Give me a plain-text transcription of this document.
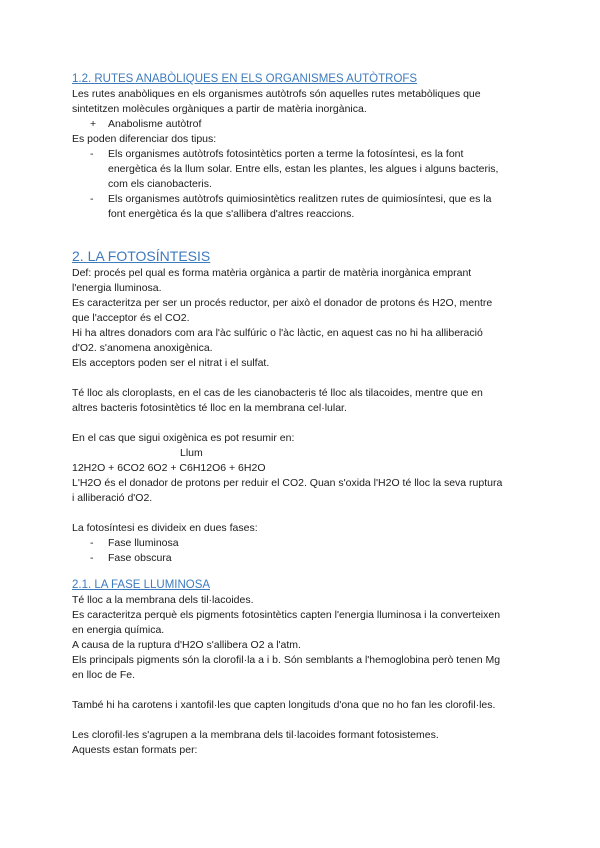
1.2. RUTES ANABÒLIQUES EN ELS ORGANISMES AUTÒTROFS
Les rutes anabòliques en els organismes autòtrofs són aquelles rutes metabòliques que
sintetitzen molècules orgàniques a partir de matèria inorgànica.
+ Anabolisme autòtrof
Es poden diferenciar dos tipus:
- Els organismes autòtrofs fotosintètics porten a terme la fotosíntesi, es la font
energètica és la llum solar. Entre ells, estan les plantes, les algues i alguns bacteris,
com els cianobacteris.
- Els organismes autòtrofs quimiosintètics realitzen rutes de quimiosíntesi, que es la
font energètica és la que s'allibera d'altres reaccions.
2. LA FOTOSÍNTESIS
Def: procés pel qual es forma matèria orgànica a partir de matèria inorgànica emprant
l'energia lluminosa.
Es caracteritza per ser un procés reductor, per això el donador de protons és H2O, mentre
que l'acceptor és el CO2.
Hi ha altres donadors com ara l'àc sulfúric o l'àc làctic, en aquest cas no hi ha alliberació
d'O2. s'anomena anoxigènica.
Els acceptors poden ser el nitrat i el sulfat.
Té lloc als cloroplasts, en el cas de les cianobacteris té lloc als tilacoides, mentre que en
altres bacteris fotosintètics té lloc en la membrana cel·lular.
En el cas que sigui oxigènica es pot resumir en:
Llum
12H2O + 6CO2 6O2 + C6H12O6 + 6H2O
L'H2O és el donador de protons per reduir el CO2. Quan s'oxida l'H2O té lloc la seva ruptura
i alliberació d'O2.
La fotosíntesi es divideix en dues fases:
- Fase lluminosa
- Fase obscura
2.1. LA FASE LLUMINOSA
Té lloc a la membrana dels til·lacoides.
Es caracteritza perquè els pigments fotosintètics capten l'energia lluminosa i la converteixen
en energia química.
A causa de la ruptura d'H2O s'allibera O2 a l'atm.
Els principals pigments són la clorofil·la a i b. Són semblants a l'hemoglobina però tenen Mg
en lloc de Fe.
També hi ha carotens i xantofil·les que capten longituds d'ona que no ho fan les clorofil·les.
Les clorofil·les s'agrupen a la membrana dels til·lacoides formant fotosistemes.
Aquests estan formats per:
